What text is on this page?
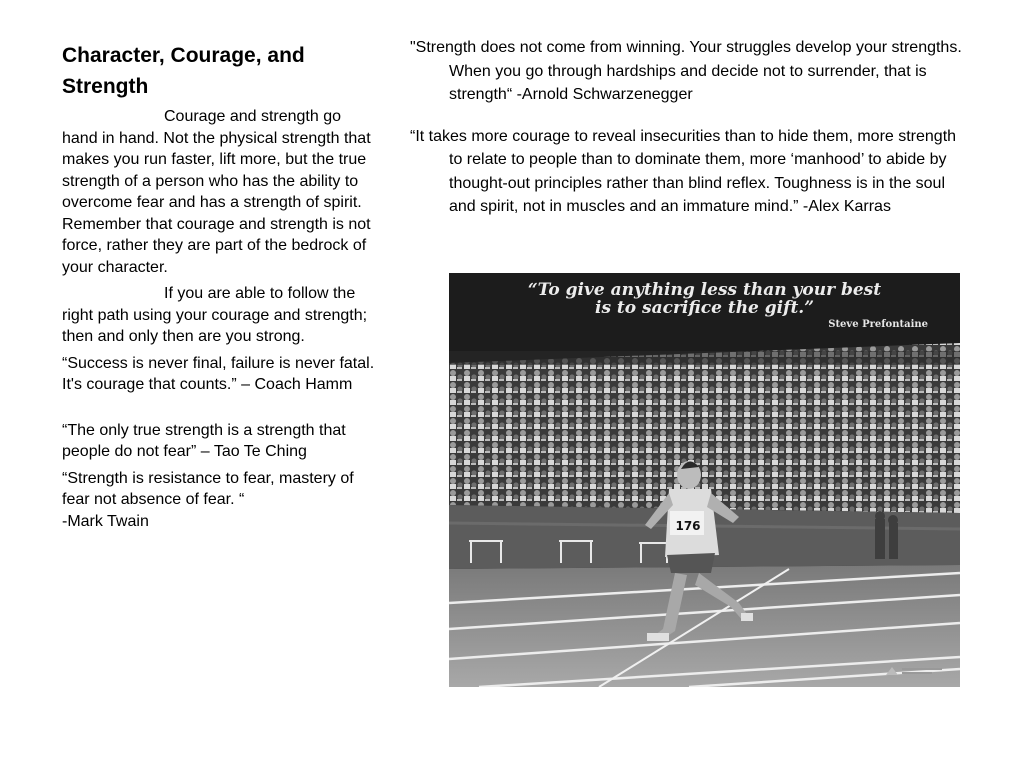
Character, Courage, and Strength

Courage and strength go hand in hand. Not the physical strength that makes you run faster, lift more, but the true strength of a person who has the ability to overcome fear and has a strength of spirit. Remember that courage and strength is not force, rather they are part of the bedrock of your character.

If you are able to follow the right path using your courage and strength; then and only then are you strong.

“Success is never final, failure is never fatal. It's courage that counts.” – Coach Hamm

“The only true strength is a strength that people do not fear” – Tao Te Ching

“Strength is resistance to fear, mastery of fear not absence of fear. “

-Mark Twain

"Strength does not come from winning. Your struggles develop your strengths. When you go through hardships and decide not to surrender, that is strength“ -Arnold Schwarzenegger

“It takes more courage to reveal insecurities than to hide them, more strength to relate to people than to dominate them, more ‘manhood’ to abide by thought-out principles rather than blind reflex. Toughness is in the soul and spirit, not in muscles and an immature mind.” -Alex Karras

“To give anything less than your best
is to sacrifice the gift.”
Steve Prefontaine
176
